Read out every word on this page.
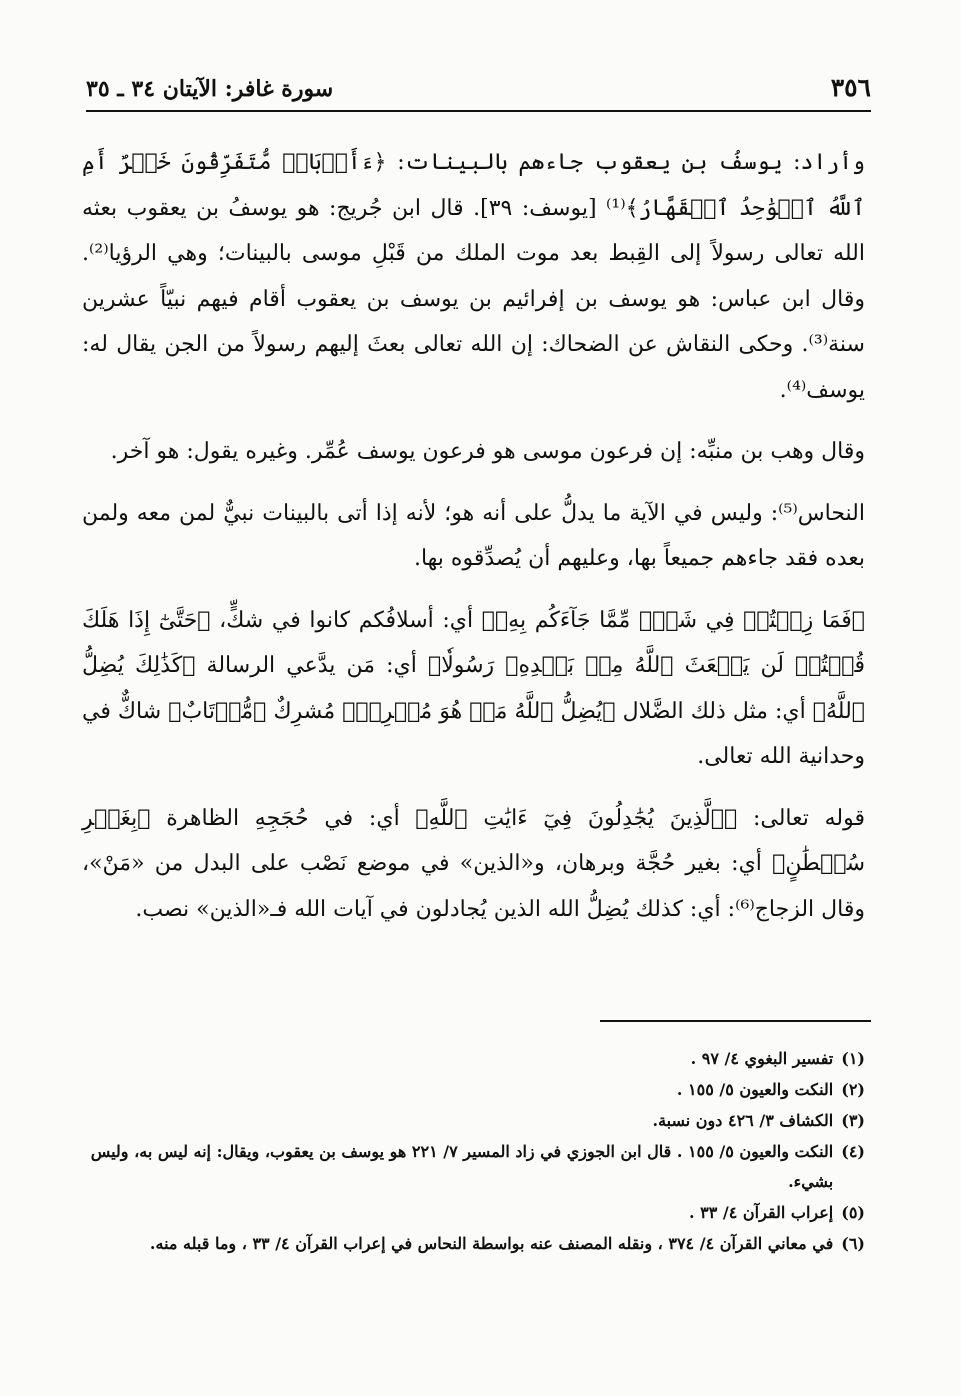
٣٥٦
سورة غافر: الآيتان ٣٤ ـ ٣٥

وأراد: يوسفُ بن يعقوب جاءهم بالبينات: ﴿ءَأَرۡبَابٞ مُّتَفَرِّقُونَ خَيۡرٌ أَمِ ٱللَّهُ ٱلۡوَٰحِدُ ٱلۡقَهَّارُ﴾⁽¹⁾ [يوسف: ٣٩]. قال ابن جُريج: هو يوسفُ بن يعقوب بعثه الله تعالى رسولاً إلى القِبط بعد موت الملك من قَبْلِ موسى بالبينات؛ وهي الرؤيا⁽²⁾. وقال ابن عباس: هو يوسف بن إفرائيم بن يوسف بن يعقوب أقام فيهم نبيّاً عشرين سنة⁽³⁾. وحكى النقاش عن الضحاك: إن الله تعالى بعثَ إليهم رسولاً من الجن يقال له: يوسف⁽⁴⁾.

وقال وهب بن منبِّه: إن فرعون موسى هو فرعون يوسف عُمِّر. وغيره يقول: هو آخر.

النحاس⁽⁵⁾: وليس في الآية ما يدلُّ على أنه هو؛ لأنه إذا أتى بالبينات نبيٌّ لمن معه ولمن بعده فقد جاءهم جميعاً بها، وعليهم أن يُصدِّقوه بها.

﴿فَمَا زِلۡتُمۡ فِي شَكّٖ مِّمَّا جَآءَكُم بِهِۦ﴾ أي: أسلافُكم كانوا في شكٍّ، ﴿حَتَّىٰٓ إِذَا هَلَكَ قُلۡتُمۡ لَن يَبۡعَثَ ٱللَّهُ مِنۢ بَعۡدِهِۦ رَسُولٗا﴾ أي: مَن يدَّعي الرسالة ﴿كَذَٰلِكَ يُضِلُّ ٱللَّهُ﴾ أي: مثل ذلك الضَّلال ﴿يُضِلُّ ٱللَّهُ مَنۡ هُوَ مُسۡرِفٞ﴾ مُشرِكٌ ﴿مُّرۡتَابٌ﴾ شاكٌّ في وحدانية الله تعالى.

قوله تعالى: ﴿ٱلَّذِينَ يُجَٰدِلُونَ فِيٓ ءَايَٰتِ ٱللَّهِ﴾ أي: في حُجَجِهِ الظاهرة ﴿بِغَيۡرِ سُلۡطَٰنٍ﴾ أي: بغير حُجَّة وبرهان، و«الذين» في موضع نَصْب على البدل من «مَنْ»، وقال الزجاج⁽⁶⁾: أي: كذلك يُضِلُّ الله الذين يُجادلون في آيات الله فـ«الذين» نصب.

(١)
تفسير البغوي ٤/ ٩٧ .
(٢)
النكت والعيون ٥/ ١٥٥ .
(٣)
الكشاف ٣/ ٤٢٦ دون نسبة.
(٤)
النكت والعيون ٥/ ١٥٥ . قال ابن الجوزي في زاد المسير ٧/ ٢٢١ هو يوسف بن يعقوب، ويقال: إنه ليس به، وليس بشيء.
(٥)
إعراب القرآن ٤/ ٣٣ .
(٦)
في معاني القرآن ٤/ ٣٧٤ ، ونقله المصنف عنه بواسطة النحاس في إعراب القرآن ٤/ ٣٣ ، وما قبله منه.
